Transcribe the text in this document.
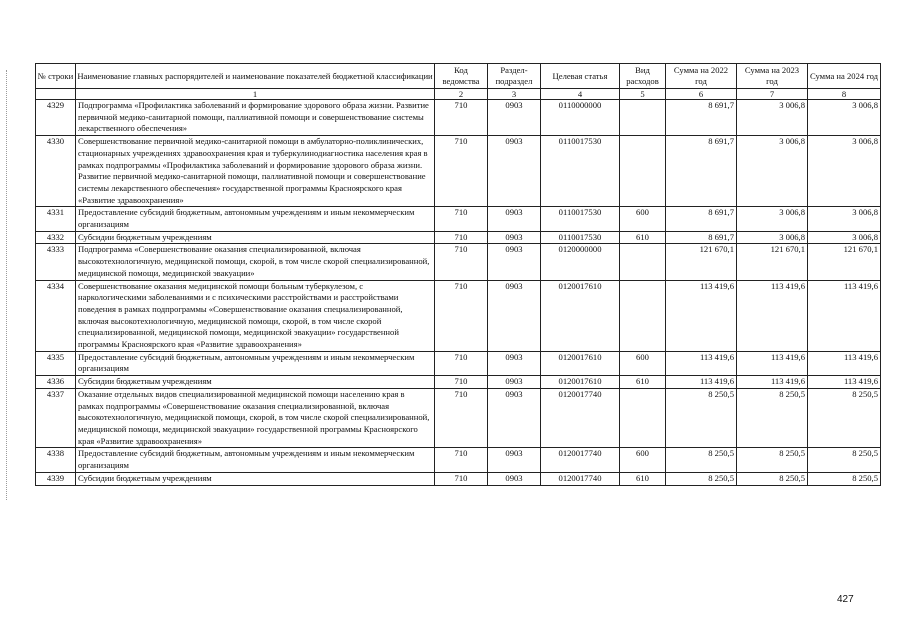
№ строки	Наименование главных распорядителей и наименование показателей бюджетной классификации	Код ведомства	Раздел-подраздел	Целевая статья	Вид расходов	Сумма на 2022 год	Сумма на 2023 год	Сумма на 2024 год
	1	2	3	4	5	6	7	8
4329	Подпрограмма «Профилактика заболеваний и формирование здорового образа жизни. Развитие первичной медико-санитарной помощи, паллиативной помощи и совершенствование системы лекарственного обеспечения»	710	0903	0110000000		8 691,7	3 006,8	3 006,8
4330	Совершенствование первичной медико-санитарной помощи в амбулаторно-поликлинических, стационарных учреждениях здравоохранения края и туберкулинодиагностика населения края в рамках подпрограммы «Профилактика заболеваний и формирование здорового образа жизни. Развитие первичной медико-санитарной помощи, паллиативной помощи и совершенствование системы лекарственного обеспечения» государственной программы Красноярского края «Развитие здравоохранения»	710	0903	0110017530		8 691,7	3 006,8	3 006,8
4331	Предоставление субсидий бюджетным, автономным учреждениям и иным некоммерческим организациям	710	0903	0110017530	600	8 691,7	3 006,8	3 006,8
4332	Субсидии бюджетным учреждениям	710	0903	0110017530	610	8 691,7	3 006,8	3 006,8
4333	Подпрограмма «Совершенствование оказания специализированной, включая высокотехнологичную, медицинской помощи, скорой, в том числе скорой специализированной, медицинской помощи, медицинской эвакуации»	710	0903	0120000000		121 670,1	121 670,1	121 670,1
4334	Совершенствование оказания медицинской помощи больным туберкулезом, с наркологическими заболеваниями и с психическими расстройствами и расстройствами поведения в рамках подпрограммы «Совершенствование оказания специализированной, включая высокотехнологичную, медицинской помощи, скорой, в том числе скорой специализированной, медицинской помощи, медицинской эвакуации» государственной программы Красноярского края «Развитие здравоохранения»	710	0903	0120017610		113 419,6	113 419,6	113 419,6
4335	Предоставление субсидий бюджетным, автономным учреждениям и иным некоммерческим организациям	710	0903	0120017610	600	113 419,6	113 419,6	113 419,6
4336	Субсидии бюджетным учреждениям	710	0903	0120017610	610	113 419,6	113 419,6	113 419,6
4337	Оказание отдельных видов специализированной медицинской помощи населению края в рамках подпрограммы «Совершенствование оказания специализированной, включая высокотехнологичную, медицинской помощи, скорой, в том числе скорой специализированной, медицинской помощи, медицинской эвакуации» государственной программы Красноярского края «Развитие здравоохранения»	710	0903	0120017740		8 250,5	8 250,5	8 250,5
4338	Предоставление субсидий бюджетным, автономным учреждениям и иным некоммерческим организациям	710	0903	0120017740	600	8 250,5	8 250,5	8 250,5
4339	Субсидии бюджетным учреждениям	710	0903	0120017740	610	8 250,5	8 250,5	8 250,5
427
